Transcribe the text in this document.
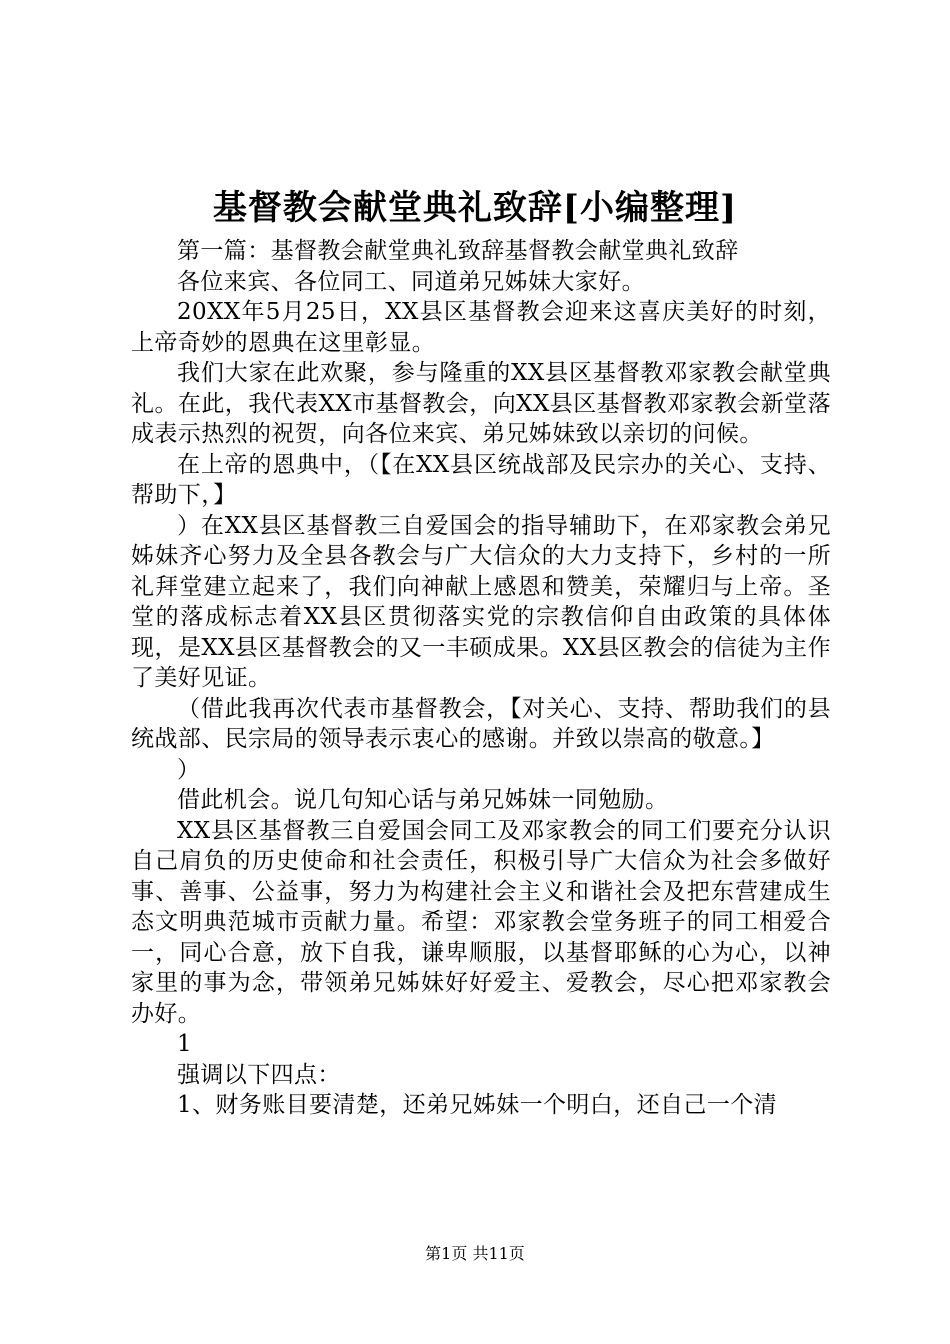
基督教会献堂典礼致辞[小编整理]

第一篇：基督教会献堂典礼致辞基督教会献堂典礼致辞

各位来宾、各位同工、同道弟兄姊妹大家好。

20XX年5月25日，XX县区基督教会迎来这喜庆美好的时刻，上帝奇妙的恩典在这里彰显。

我们大家在此欢聚，参与隆重的XX县区基督教邓家教会献堂典礼。在此，我代表XX市基督教会，向XX县区基督教邓家教会新堂落成表示热烈的祝贺，向各位来宾、弟兄姊妹致以亲切的问候。

在上帝的恩典中，（【在XX县区统战部及民宗办的关心、支持、帮助下，】

）在XX县区基督教三自爱国会的指导辅助下，在邓家教会弟兄姊妹齐心努力及全县各教会与广大信众的大力支持下，乡村的一所礼拜堂建立起来了，我们向神献上感恩和赞美，荣耀归与上帝。圣堂的落成标志着XX县区贯彻落实党的宗教信仰自由政策的具体体现，是XX县区基督教会的又一丰硕成果。XX县区教会的信徒为主作了美好见证。

（借此我再次代表市基督教会，【对关心、支持、帮助我们的县统战部、民宗局的领导表示衷心的感谢。并致以崇高的敬意。】

）

借此机会。说几句知心话与弟兄姊妹一同勉励。

XX县区基督教三自爱国会同工及邓家教会的同工们要充分认识自己肩负的历史使命和社会责任，积极引导广大信众为社会多做好事、善事、公益事，努力为构建社会主义和谐社会及把东营建成生态文明典范城市贡献力量。希望：邓家教会堂务班子的同工相爱合一，同心合意，放下自我，谦卑顺服，以基督耶稣的心为心，以神家里的事为念，带领弟兄姊妹好好爱主、爱教会，尽心把邓家教会办好。

1

强调以下四点：

1、财务账目要清楚，还弟兄姊妹一个明白，还自己一个清

第1页 共11页
